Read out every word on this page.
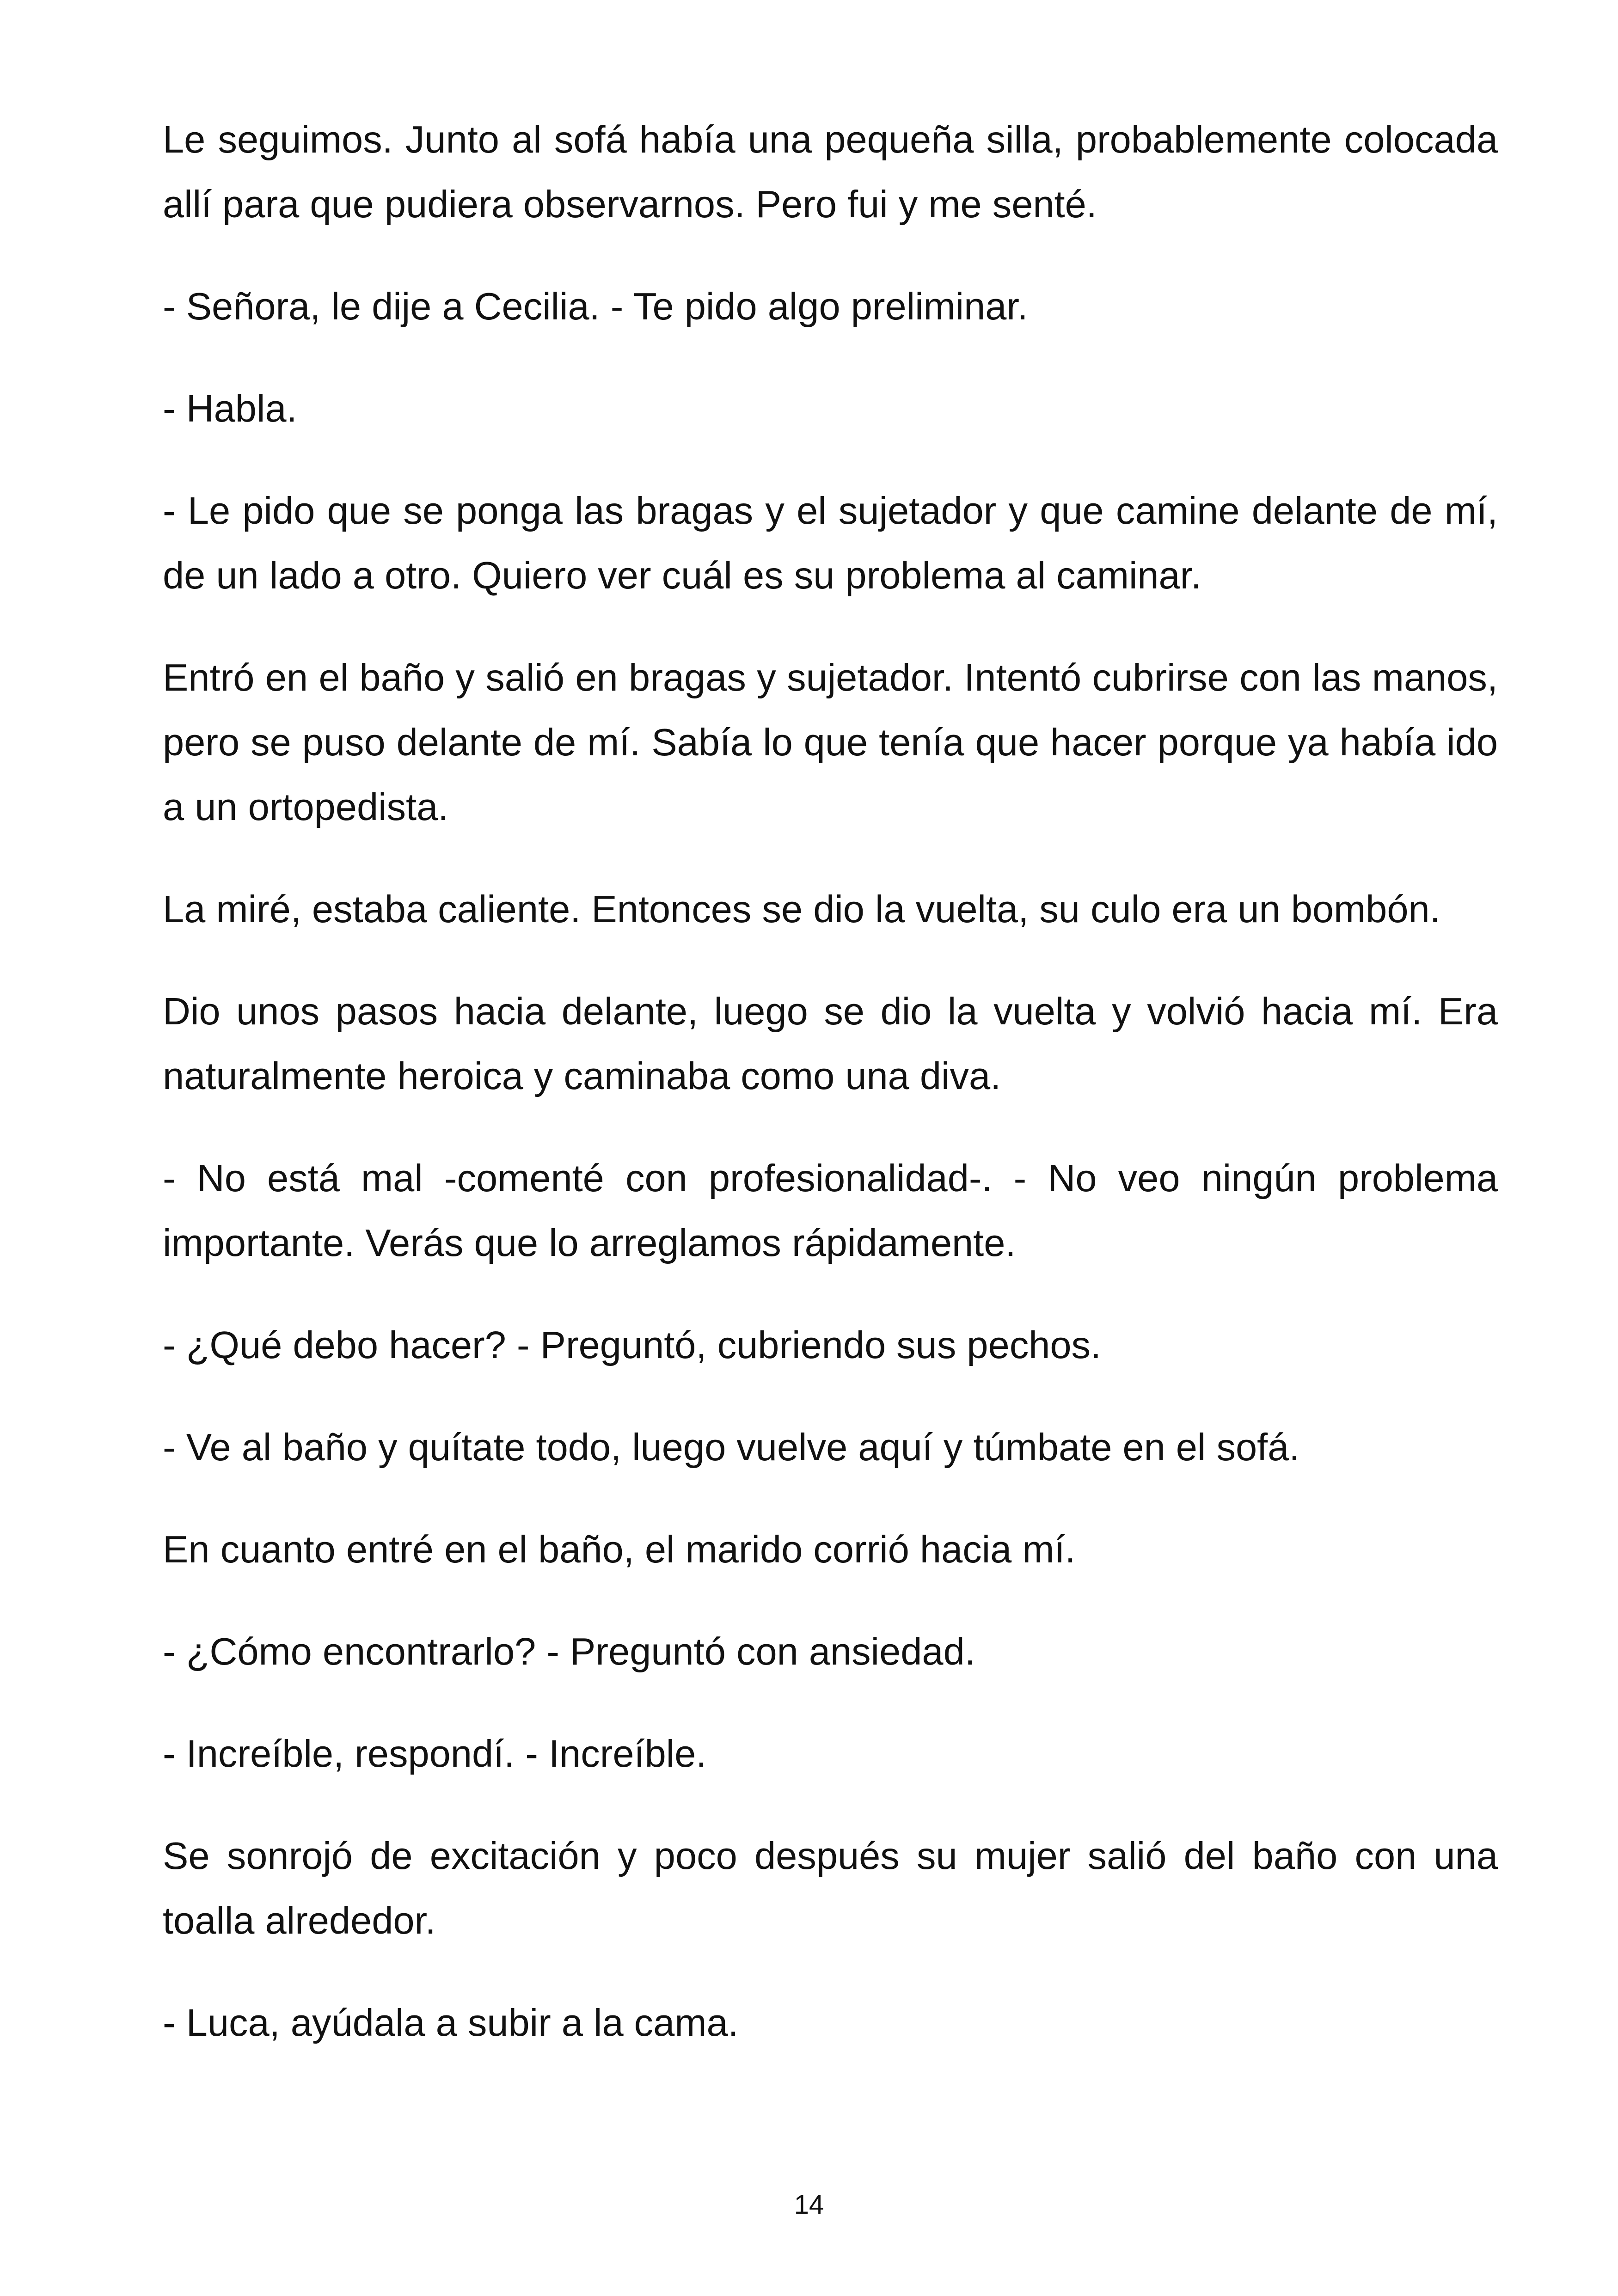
Le seguimos. Junto al sofá había una pequeña silla, probablemente colocada allí para que pudiera observarnos. Pero fui y me senté.

- Señora, le dije a Cecilia. - Te pido algo preliminar.

- Habla.

- Le pido que se ponga las bragas y el sujetador y que camine delante de mí, de un lado a otro. Quiero ver cuál es su problema al caminar.

Entró en el baño y salió en bragas y sujetador. Intentó cubrirse con las manos, pero se puso delante de mí. Sabía lo que tenía que hacer porque ya había ido a un ortopedista.

La miré, estaba caliente. Entonces se dio la vuelta, su culo era un bombón.

Dio unos pasos hacia delante, luego se dio la vuelta y volvió hacia mí. Era naturalmente heroica y caminaba como una diva.

- No está mal -comenté con profesionalidad-. - No veo ningún problema importante. Verás que lo arreglamos rápidamente.

- ¿Qué debo hacer? - Preguntó, cubriendo sus pechos.

- Ve al baño y quítate todo, luego vuelve aquí y túmbate en el sofá.

En cuanto entré en el baño, el marido corrió hacia mí.

- ¿Cómo encontrarlo? - Preguntó con ansiedad.

- Increíble, respondí. - Increíble.

Se sonrojó de excitación y poco después su mujer salió del baño con una toalla alrededor.

- Luca, ayúdala a subir a la cama.

14
